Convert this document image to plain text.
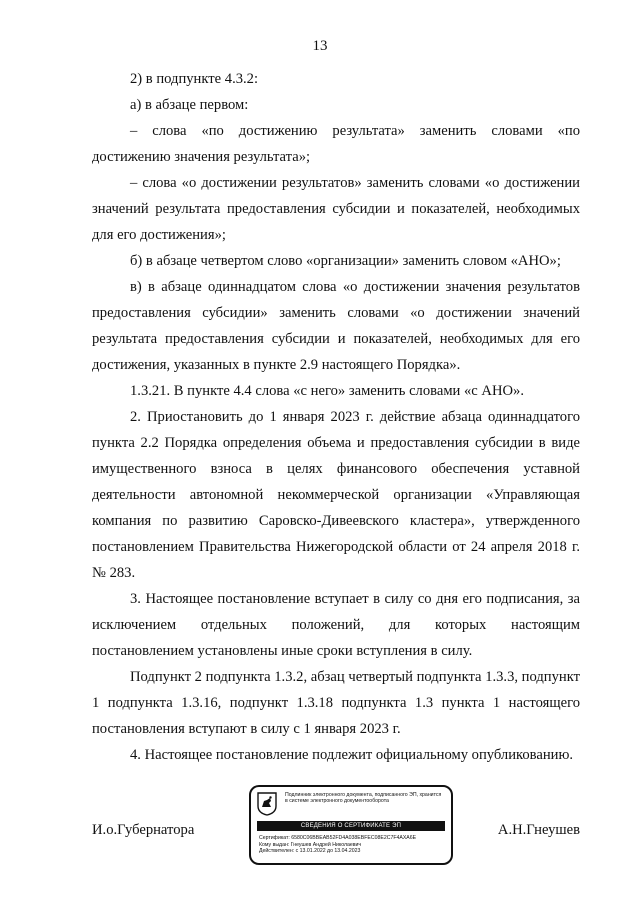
13

2) в подпункте 4.3.2:

а) в абзаце первом:

– слова «по достижению результата» заменить словами «по достижению значения результата»;

– слова «о достижении результатов» заменить словами «о достижении значений результата предоставления субсидии и показателей, необходимых для его достижения»;

б) в абзаце четвертом слово «организации» заменить словом «АНО»;

в) в абзаце одиннадцатом слова «о достижении значения результатов предоставления субсидии» заменить словами «о достижении значений результата предоставления субсидии и показателей, необходимых для его достижения, указанных в пункте 2.9 настоящего Порядка».

1.3.21. В пункте 4.4 слова «с него» заменить словами «с АНО».

2. Приостановить до 1 января 2023 г. действие абзаца одиннадцатого пункта 2.2 Порядка определения объема и предоставления субсидии в виде имущественного взноса в целях финансового обеспечения уставной деятельности автономной некоммерческой организации «Управляющая компания по развитию Саровско-Дивеевского кластера», утвержденного постановлением Правительства Нижегородской области от 24 апреля 2018 г. № 283.

3. Настоящее постановление вступает в силу со дня его подписания, за исключением отдельных положений, для которых настоящим постановлением установлены иные сроки вступления в силу.

Подпункт 2 подпункта 1.3.2, абзац четвертый подпункта 1.3.3, подпункт 1 подпункта 1.3.16, подпункт 1.3.18 подпункта 1.3 пункта 1 настоящего постановления вступают в силу с 1 января 2023 г.

4. Настоящее постановление подлежит официальному опубликованию.

И.о.Губернатора	А.Н.Гнеушев
Подлинник электронного документа, подписанного ЭП, хранится в системе электронного документооборота
СВЕДЕНИЯ О СЕРТИФИКАТЕ ЭП
Сертификат: 6580C06BBEAB52FD4A038EBFEC08E2C7F4AXA6E
Кому выдан: Гнеушев Андрей Николаевич
Действителен: с 13.01.2022 до 13.04.2023
